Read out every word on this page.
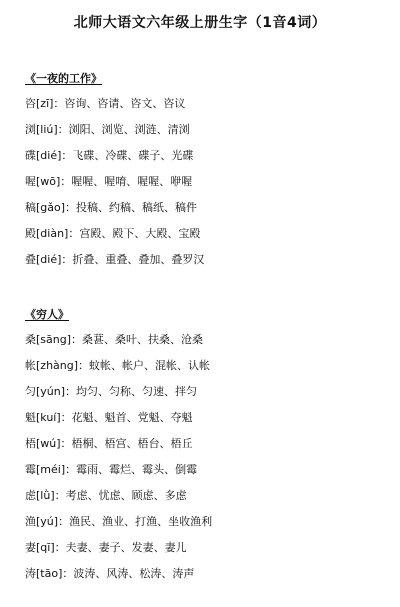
北师大语文六年级上册生字（1音4词）
《一夜的工作》
咨[zī]：咨询、咨请、咨文、咨议
浏[liú]：浏阳、浏览、浏涟、清浏
碟[dié]：飞碟、冷碟、碟子、光碟
喔[wō]：喔喔、喔唷、喔喔、咿喔
稿[gǎo]：投稿、约稿、稿纸、稿件
殿[diàn]：宫殿、殿下、大殿、宝殿
叠[dié]：折叠、重叠、叠加、叠罗汉
《穷人》
桑[sāng]：桑葚、桑叶、扶桑、沧桑
帐[zhàng]：蚊帐、帐户、混帐、认帐
匀[yún]：均匀、匀称、匀速、拌匀
魁[kuí]：花魁、魁首、党魁、夺魁
梧[wú]：梧桐、梧宫、梧台、梧丘
霉[méi]：霉雨、霉烂、霉头、倒霉
虑[lǜ]：考虑、忧虑、顾虑、多虑
渔[yú]：渔民、渔业、打渔、坐收渔利
妻[qī]：夫妻、妻子、发妻、妻儿
涛[tāo]：波涛、风涛、松涛、涛声
